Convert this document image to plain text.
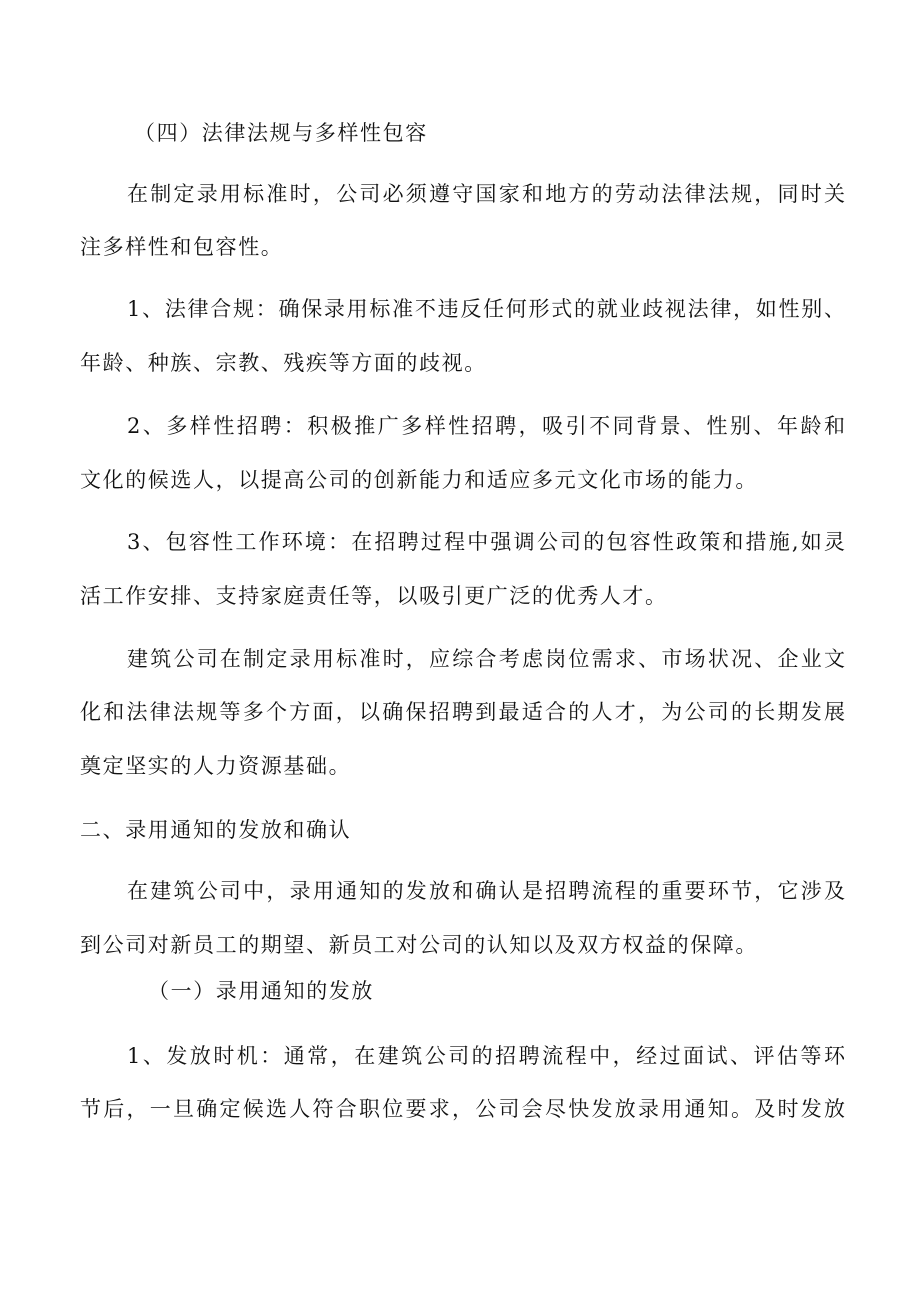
（四）法律法规与多样性包容
在制定录用标准时，公司必须遵守国家和地方的劳动法律法规，同时关
注多样性和包容性。
1、法律合规：确保录用标准不违反任何形式的就业歧视法律，如性别、
年龄、种族、宗教、残疾等方面的歧视。
2、多样性招聘：积极推广多样性招聘，吸引不同背景、性别、年龄和
文化的候选人，以提高公司的创新能力和适应多元文化市场的能力。
3、包容性工作环境：在招聘过程中强调公司的包容性政策和措施,如灵
活工作安排、支持家庭责任等，以吸引更广泛的优秀人才。
建筑公司在制定录用标准时，应综合考虑岗位需求、市场状况、企业文
化和法律法规等多个方面，以确保招聘到最适合的人才，为公司的长期发展
奠定坚实的人力资源基础。
二、录用通知的发放和确认
在建筑公司中，录用通知的发放和确认是招聘流程的重要环节，它涉及
到公司对新员工的期望、新员工对公司的认知以及双方权益的保障。
（一）录用通知的发放
1、发放时机：通常，在建筑公司的招聘流程中，经过面试、评估等环
节后，一旦确定候选人符合职位要求，公司会尽快发放录用通知。及时发放
